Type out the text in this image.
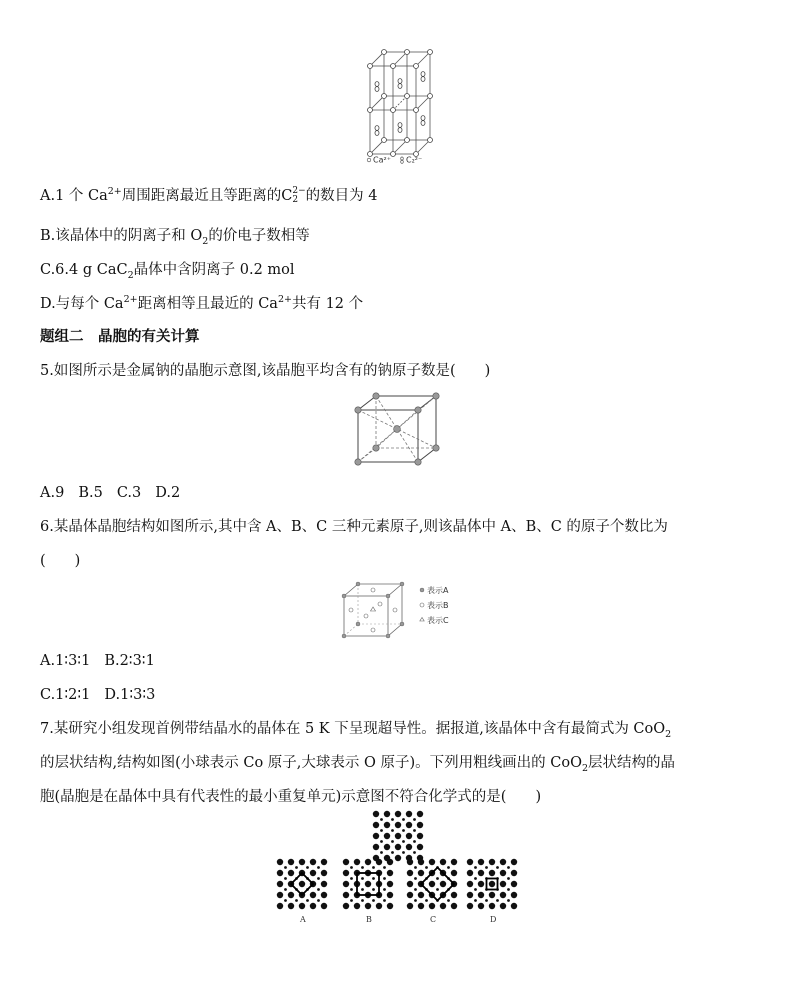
Ca²⁺ C₂²⁻
A.1 个 $Ca^{2+}$周围距离最近且等距离的C 2−
2 的数目为 4
B.该晶体中的阴离子和 $O_2$的价电子数相等
C.6.4 g CaC$_2$晶体中含阴离子 0.2 mol
D.与每个 $Ca^{2+}$距离相等且最近的 $Ca^{2+}$共有 12 个
题组二　晶胞的有关计算
5.如图所示是金属钠的晶胞示意图,该晶胞平均含有的钠原子数是(　　)
A.9 B.5 C.3 D.2
6.某晶体晶胞结构如图所示,其中含 A、B、C 三种元素原子,则该晶体中 A、B、C 的原子个数比为
(　　)
表示A
表示B
表示C
A.1∶3∶1 B.2∶3∶1
C.1∶2∶1 D.1∶3∶3
7.某研究小组发现首例带结晶水的晶体在 5 K 下呈现超导性。据报道,该晶体中含有最简式为 CoO$_2$
的层状结构,结构如图(小球表示 Co 原子,大球表示 O 原子)。下列用粗线画出的 CoO$_2$层状结构的晶
胞(晶胞是在晶体中具有代表性的最小重复单元)示意图不符合化学式的是(　　)
A	B	C	D
